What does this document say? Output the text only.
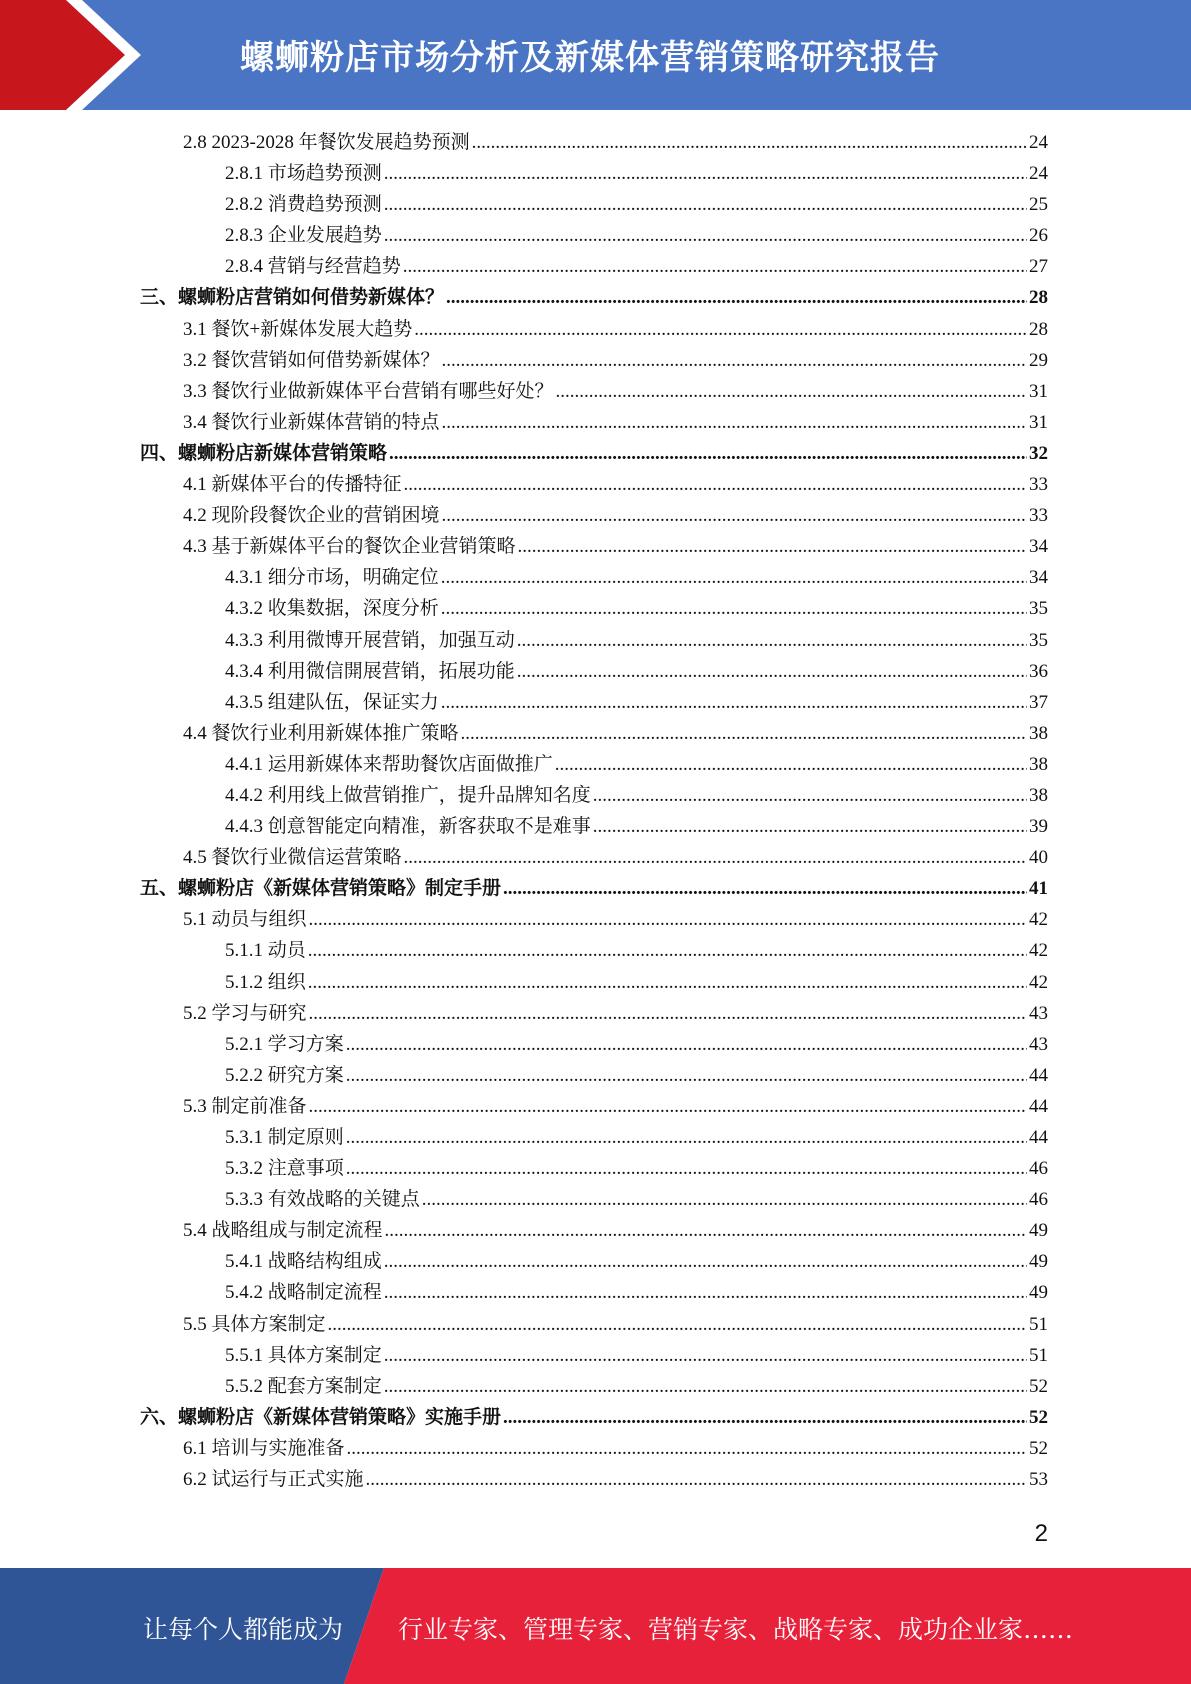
螺蛳粉店市场分析及新媒体营销策略研究报告
2.8 2023-2028 年餐饮发展趋势预测 .....	24
2.8.1 市场趋势预测 .....	24
2.8.2 消费趋势预测 .....	25
2.8.3 企业发展趋势 .....	26
2.8.4 营销与经营趋势 .....	27
三、螺蛳粉店营销如何借势新媒体？ .....	28
3.1 餐饮+新媒体发展大趋势 .....	28
3.2 餐饮营销如何借势新媒体？ .....	29
3.3 餐饮行业做新媒体平台营销有哪些好处？ .....	31
3.4 餐饮行业新媒体营销的特点 .....	31
四、螺蛳粉店新媒体营销策略 .....	32
4.1 新媒体平台的传播特征 .....	33
4.2 现阶段餐饮企业的营销困境 .....	33
4.3 基于新媒体平台的餐饮企业营销策略 .....	34
4.3.1 细分市场，明确定位 .....	34
4.3.2 收集数据，深度分析 .....	35
4.3.3 利用微博开展营销，加强互动 .....	35
4.3.4 利用微信開展营销，拓展功能 .....	36
4.3.5 组建队伍，保证实力 .....	37
4.4 餐饮行业利用新媒体推广策略 .....	38
4.4.1 运用新媒体来帮助餐饮店面做推广 .....	38
4.4.2 利用线上做营销推广，提升品牌知名度 .....	38
4.4.3 创意智能定向精准，新客获取不是难事 .....	39
4.5 餐饮行业微信运营策略 .....	40
五、螺蛳粉店《新媒体营销策略》制定手册 .....	41
5.1 动员与组织 .....	42
5.1.1 动员 .....	42
5.1.2 组织 .....	42
5.2 学习与研究 .....	43
5.2.1 学习方案 .....	43
5.2.2 研究方案 .....	44
5.3 制定前准备 .....	44
5.3.1 制定原则 .....	44
5.3.2 注意事项 .....	46
5.3.3 有效战略的关键点 .....	46
5.4 战略组成与制定流程 .....	49
5.4.1 战略结构组成 .....	49
5.4.2 战略制定流程 .....	49
5.5 具体方案制定 .....	51
5.5.1 具体方案制定 .....	51
5.5.2 配套方案制定 .....	52
六、螺蛳粉店《新媒体营销策略》实施手册 .....	52
6.1 培训与实施准备 .....	52
6.2 试运行与正式实施 .....	53
2
让每个人都能成为 行业专家、管理专家、营销专家、战略专家、成功企业家……
